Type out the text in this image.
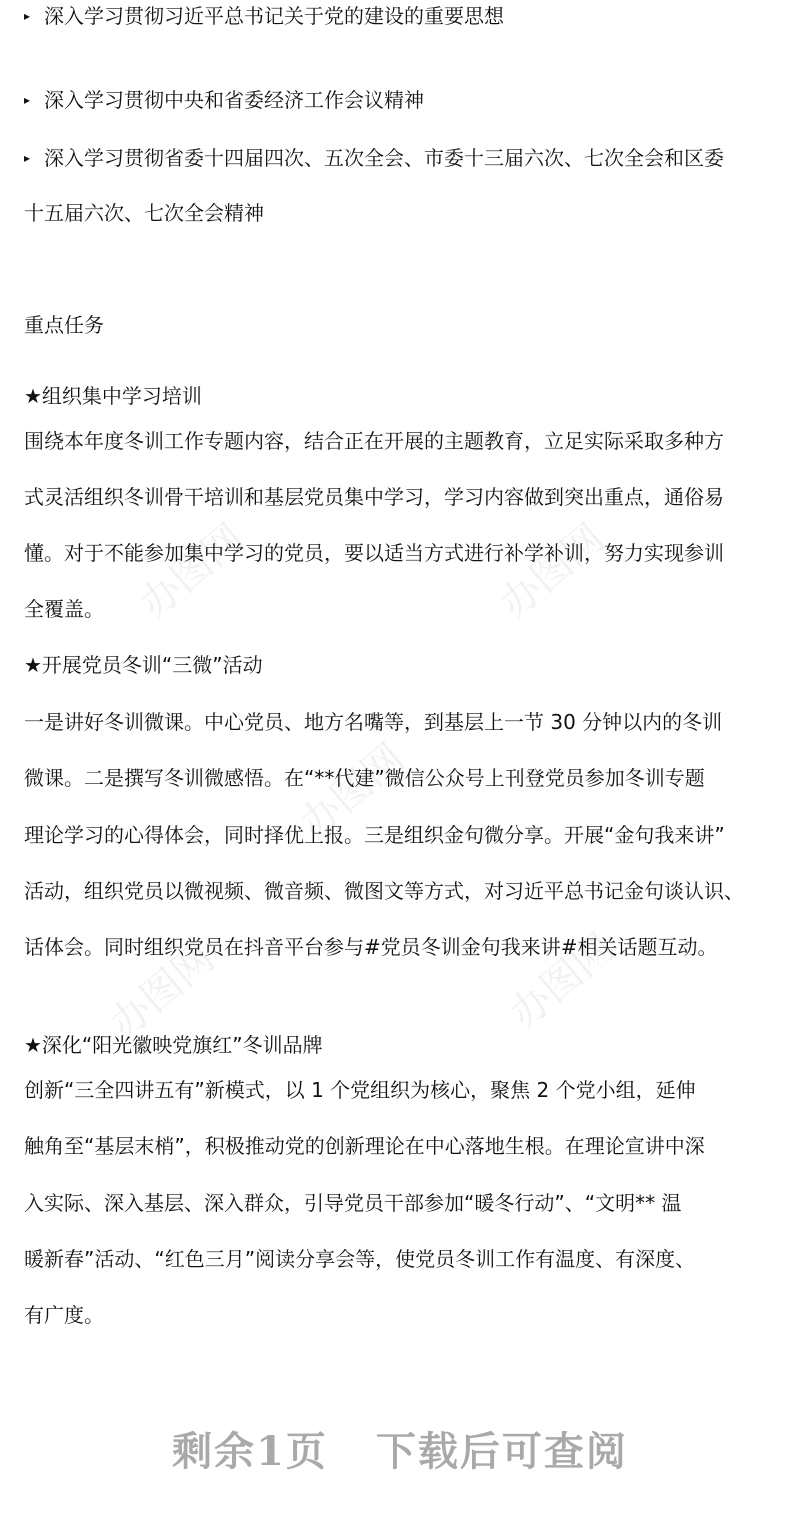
办图网	办图网
办图网
办图网	办图网
▸ 深入学习贯彻习近平总书记关于党的建设的重要思想
▸ 深入学习贯彻中央和省委经济工作会议精神
▸ 深入学习贯彻省委十四届四次、五次全会、市委十三届六次、七次全会和区委
十五届六次、七次全会精神
重点任务
★组织集中学习培训
围绕本年度冬训工作专题内容，结合正在开展的主题教育，立足实际采取多种方
式灵活组织冬训骨干培训和基层党员集中学习，学习内容做到突出重点，通俗易
懂。对于不能参加集中学习的党员，要以适当方式进行补学补训，努力实现参训
全覆盖。
★开展党员冬训“三微”活动
一是讲好冬训微课。中心党员、地方名嘴等，到基层上一节 30 分钟以内的冬训
微课。二是撰写冬训微感悟。在“**代建”微信公众号上刊登党员参加冬训专题
理论学习的心得体会，同时择优上报。三是组织金句微分享。开展“金句我来讲”
活动，组织党员以微视频、微音频、微图文等方式，对习近平总书记金句谈认识、
话体会。同时组织党员在抖音平台参与#党员冬训金句我来讲#相关话题互动。
★深化“阳光徽映党旗红”冬训品牌
创新“三全四讲五有”新模式，以 1 个党组织为核心，聚焦 2 个党小组，延伸
触角至“基层末梢”，积极推动党的创新理论在中心落地生根。在理论宣讲中深
入实际、深入基层、深入群众，引导党员干部参加“暖冬行动”、“文明** 温
暖新春”活动、“红色三月”阅读分享会等，使党员冬训工作有温度、有深度、
有广度。
剩余1页 下载后可查阅
